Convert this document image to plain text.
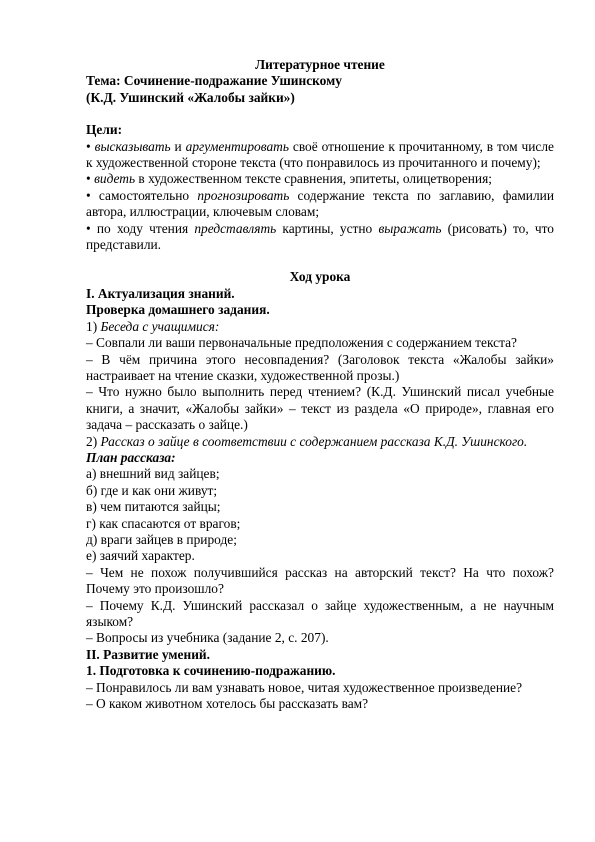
Литературное чтение

Тема: Сочинение-подражание Ушинскому

(К.Д. Ушинский «Жалобы зайки»)

Цели:

• высказывать и аргументировать своё отношение к прочитанному, в том числе к художественной стороне текста (что понравилось из прочитанного и почему);

• видеть в художественном тексте сравнения, эпитеты, олицетворения;

• самостоятельно прогнозировать содержание текста по заглавию, фамилии автора, иллюстрации, ключевым словам;

• по ходу чтения представлять картины, устно выражать (рисовать) то, что представили.

Ход урока

I. Актуализация знаний.

Проверка домашнего задания.

1) Беседа с учащимися:

– Совпали ли ваши первоначальные предположения с содержанием текста?

– В чём причина этого несовпадения? (Заголовок текста «Жалобы зайки» настраивает на чтение сказки, художественной прозы.)

– Что нужно было выполнить перед чтением? (К.Д. Ушинский писал учебные книги, а значит, «Жалобы зайки» – текст из раздела «О природе», главная его задача – рассказать о зайце.)

2) Рассказ о зайце в соответствии с содержанием рассказа К.Д. Ушинского.

План рассказа:

а) внешний вид зайцев;

б) где и как они живут;

в) чем питаются зайцы;

г) как спасаются от врагов;

д) враги зайцев в природе;

е) заячий характер.

– Чем не похож получившийся рассказ на авторский текст? На что похож? Почему это произошло?

– Почему К.Д. Ушинский рассказал о зайце художественным, а не научным языком?

– Вопросы из учебника (задание 2, с. 207).

II. Развитие умений.

1. Подготовка к сочинению-подражанию.

– Понравилось ли вам узнавать новое, читая художественное произведение?

– О каком животном хотелось бы рассказать вам?
